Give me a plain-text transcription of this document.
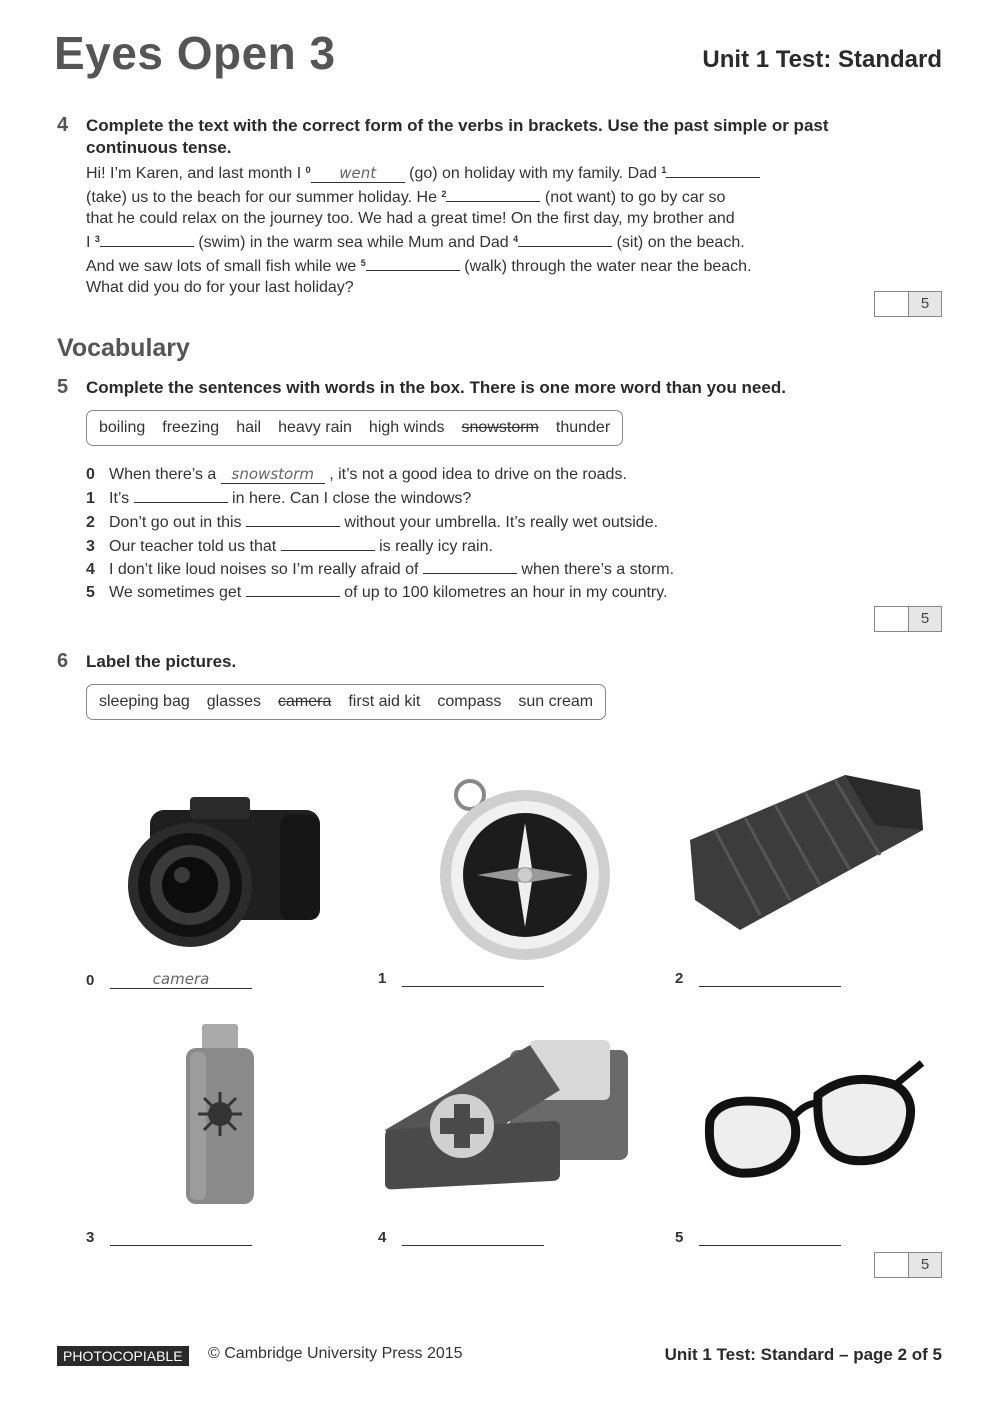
Eyes Open 3	Unit 1 Test: Standard
4 Complete the text with the correct form of the verbs in brackets. Use the past simple or past
continuous tense.
Hi! I’m Karen, and last month I $^0$ went (go) on holiday with my family. Dad $^1$
(take) us to the beach for our summer holiday. He $^2$	(not want) to go by car so
that he could relax on the journey too. We had a great time! On the first day, my brother and
I $^3$	(swim) in the warm sea while Mum and Dad $^4$	(sit) on the beach.
And we saw lots of small fish while we $^5$	(walk) through the water near the beach.
What did you do for your last holiday?
5
Vocabulary
5 Complete the sentences with words in the box. There is one more word than you need.
boiling freezing hail heavy rain high winds snowstorm thunder
0 When there’s a snowstorm , it’s not a good idea to drive on the roads.
1 It’s	in here. Can I close the windows?
2 Don’t go out in this	without your umbrella. It’s really wet outside.
3 Our teacher told us that	is really icy rain.
4 I don’t like loud noises so I’m really afraid of	when there’s a storm.
5 We sometimes get	of up to 100 kilometres an hour in my country.
5
6 Label the pictures.
sleeping bag glasses camera first aid kit compass sun cream
0	camera	1	2
3	4	5
5
PHOTOCOPIABLE	© Cambridge University Press 2015	Unit 1 Test: Standard – page 2 of 5
